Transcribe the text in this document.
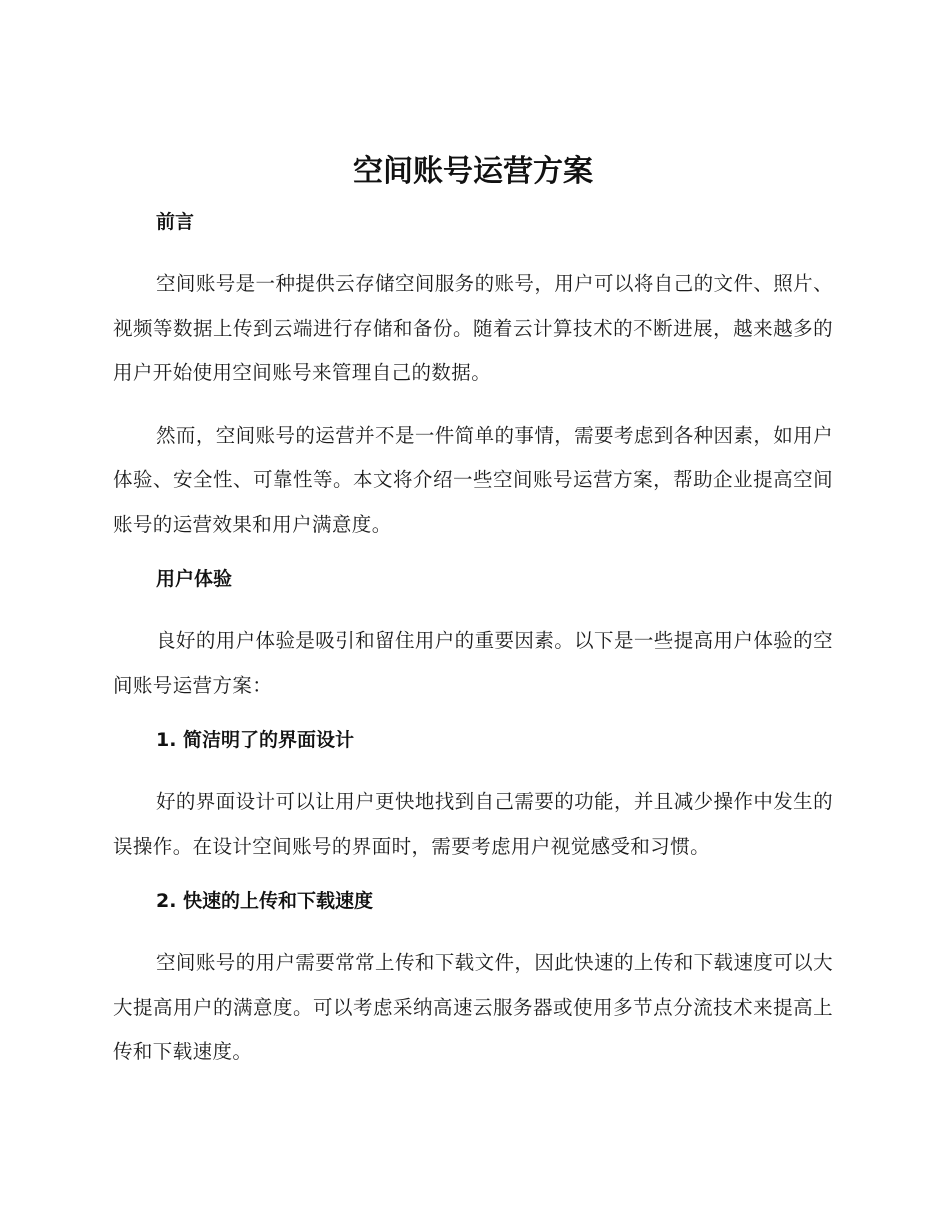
空间账号运营方案
前言

空间账号是一种提供云存储空间服务的账号，用户可以将自己的文件、照片、视频等数据上传到云端进行存储和备份。随着云计算技术的不断进展，越来越多的用户开始使用空间账号来管理自己的数据。

然而，空间账号的运营并不是一件简单的事情，需要考虑到各种因素，如用户体验、安全性、可靠性等。本文将介绍一些空间账号运营方案，帮助企业提高空间账号的运营效果和用户满意度。

用户体验

良好的用户体验是吸引和留住用户的重要因素。以下是一些提高用户体验的空间账号运营方案：

1. 简洁明了的界面设计

好的界面设计可以让用户更快地找到自己需要的功能，并且减少操作中发生的误操作。在设计空间账号的界面时，需要考虑用户视觉感受和习惯。

2. 快速的上传和下载速度

空间账号的用户需要常常上传和下载文件，因此快速的上传和下载速度可以大大提高用户的满意度。可以考虑采纳高速云服务器或使用多节点分流技术来提高上传和下载速度。
